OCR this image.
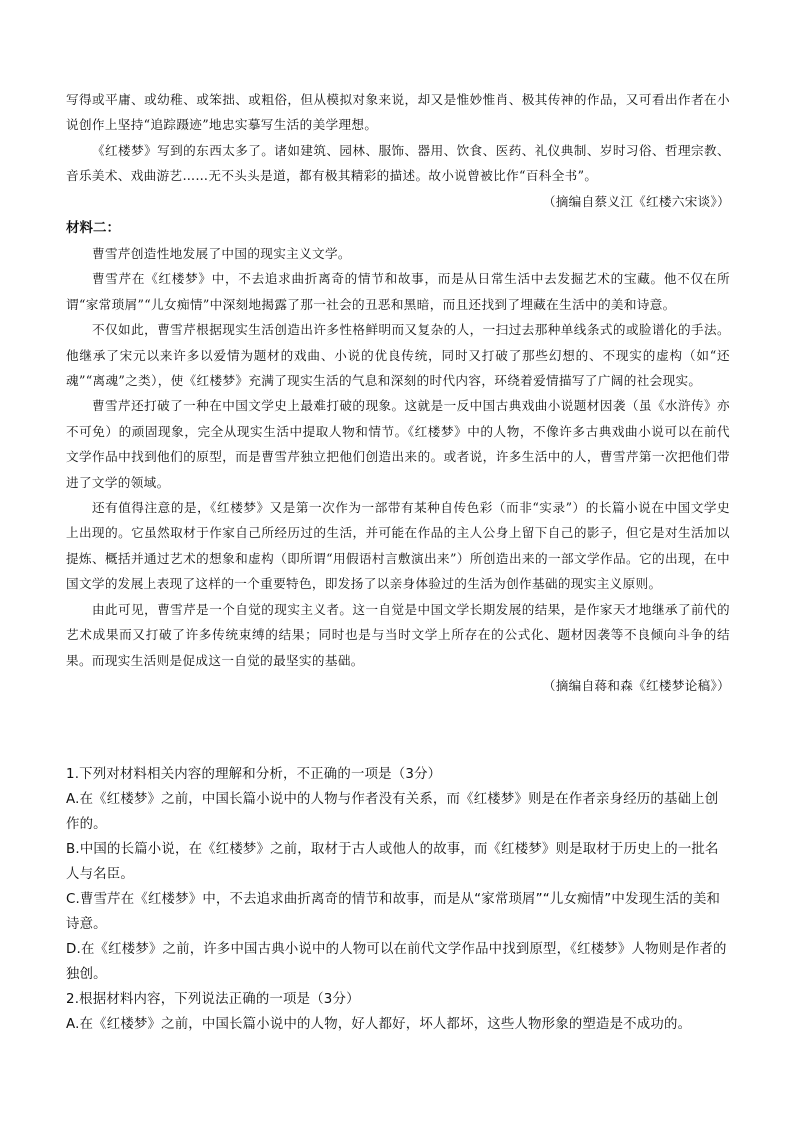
写得或平庸、或幼稚、或笨拙、或粗俗，但从模拟对象来说，却又是惟妙惟肖、极其传神的作品，又可看出作者在小说创作上坚持“追踪蹑迹”地忠实摹写生活的美学理想。

《红楼梦》写到的东西太多了。诸如建筑、园林、服饰、器用、饮食、医药、礼仪典制、岁时习俗、哲理宗教、音乐美术、戏曲游艺……无不头头是道，都有极其精彩的描述。故小说曾被比作“百科全书”。

（摘编自蔡义江《红楼六宋谈》）

材料二：

曹雪芹创造性地发展了中国的现实主义文学。

曹雪芹在《红楼梦》中，不去追求曲折离奇的情节和故事，而是从日常生活中去发掘艺术的宝藏。他不仅在所谓“家常琐屑”“儿女痴情”中深刻地揭露了那一社会的丑恶和黑暗，而且还找到了埋藏在生活中的美和诗意。

不仅如此，曹雪芹根据现实生活创造出许多性格鲜明而又复杂的人，一扫过去那种单线条式的或脸谱化的手法。他继承了宋元以来许多以爱情为题材的戏曲、小说的优良传统，同时又打破了那些幻想的、不现实的虚构（如“还魂”“离魂”之类），使《红楼梦》充满了现实生活的气息和深刻的时代内容，环绕着爱情描写了广阔的社会现实。

曹雪芹还打破了一种在中国文学史上最难打破的现象。这就是一反中国古典戏曲小说题材因袭（虽《水浒传》亦不可免）的顽固现象，完全从现实生活中提取人物和情节。《红楼梦》中的人物，不像许多古典戏曲小说可以在前代文学作品中找到他们的原型，而是曹雪芹独立把他们创造出来的。或者说，许多生活中的人，曹雪芹第一次把他们带进了文学的领域。

还有值得注意的是，《红楼梦》又是第一次作为一部带有某种自传色彩（而非“实录”）的长篇小说在中国文学史上出现的。它虽然取材于作家自己所经历过的生活，并可能在作品的主人公身上留下自己的影子，但它是对生活加以提炼、概括并通过艺术的想象和虚构（即所谓“用假语村言敷演出来”）所创造出来的一部文学作品。它的出现，在中国文学的发展上表现了这样的一个重要特色，即发扬了以亲身体验过的生活为创作基础的现实主义原则。

由此可见，曹雪芹是一个自觉的现实主义者。这一自觉是中国文学长期发展的结果，是作家天才地继承了前代的艺术成果而又打破了许多传统束缚的结果；同时也是与当时文学上所存在的公式化、题材因袭等不良倾向斗争的结果。而现实生活则是促成这一自觉的最坚实的基础。

（摘编自蒋和森《红楼梦论稿》）

1.下列对材料相关内容的理解和分析，不正确的一项是（3分）

A.在《红楼梦》之前，中国长篇小说中的人物与作者没有关系，而《红楼梦》则是在作者亲身经历的基础上创作的。

B.中国的长篇小说，在《红楼梦》之前，取材于古人或他人的故事，而《红楼梦》则是取材于历史上的一批名人与名臣。

C.曹雪芹在《红楼梦》中，不去追求曲折离奇的情节和故事，而是从“家常琐屑”“儿女痴情”中发现生活的美和诗意。

D.在《红楼梦》之前，许多中国古典小说中的人物可以在前代文学作品中找到原型，《红楼梦》人物则是作者的独创。

2.根据材料内容，下列说法正确的一项是（3分）

A.在《红楼梦》之前，中国长篇小说中的人物，好人都好，坏人都坏，这些人物形象的塑造是不成功的。
